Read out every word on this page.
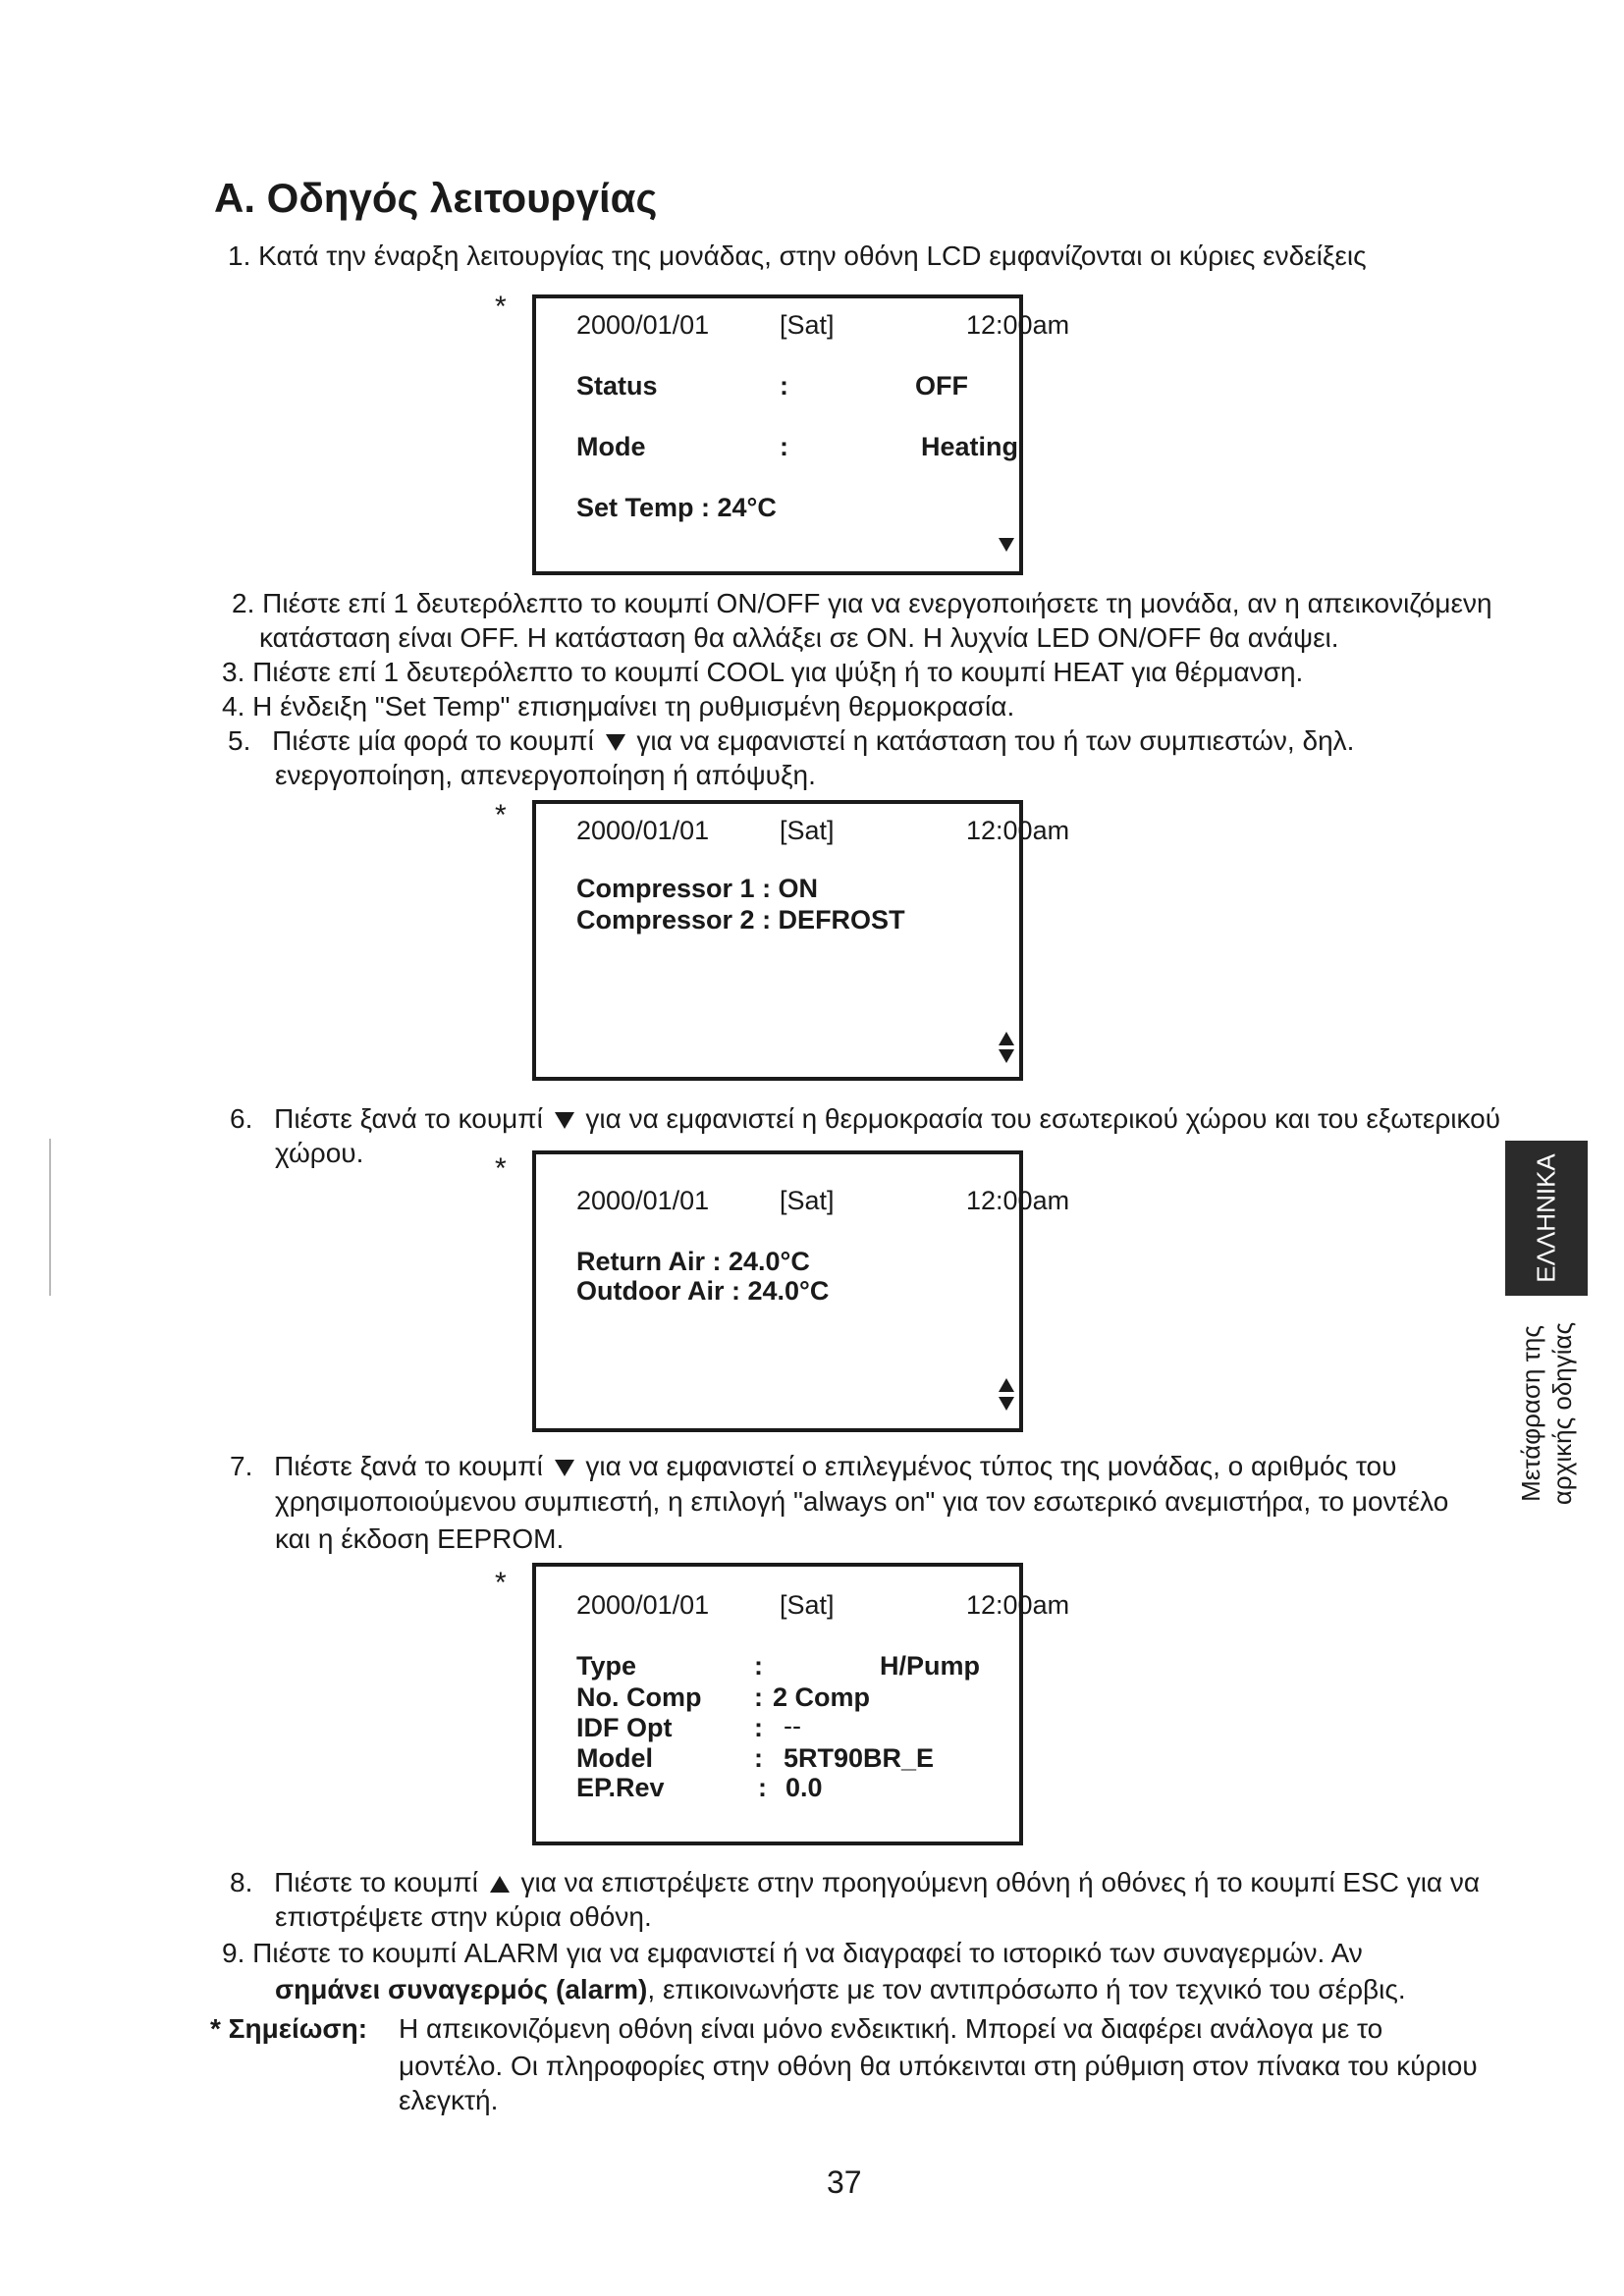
A. Οδηγός λειτουργίας
1. Κατά την έναρξη λειτουργίας της μονάδας, στην οθόνη LCD εμφανίζονται οι κύριες ενδείξεις
*
2000/01/01	[Sat]	12:00am
Status	:	OFF
Mode	:	Heating
Set Temp : 24°C
2. Πιέστε επί 1 δευτερόλεπτο το κουμπί ON/OFF για να ενεργοποιήσετε τη μονάδα, αν η απεικονιζόμενη
κατάσταση είναι OFF. Η κατάσταση θα αλλάξει σε ON. Η λυχνία LED ON/OFF θα ανάψει.
3. Πιέστε επί 1 δευτερόλεπτο το κουμπί COOL για ψύξη ή το κουμπί HEAT για θέρμανση.
4. Η ένδειξη "Set Temp" επισημαίνει τη ρυθμισμένη θερμοκρασία.
5. Πιέστε μία φορά το κουμπί για να εμφανιστεί η κατάσταση του ή των συμπιεστών, δηλ.
ενεργοποίηση, απενεργοποίηση ή απόψυξη.
*	2000/01/01	[Sat]	12:00am
Compressor 1 : ON
Compressor 2 : DEFROST
6. Πιέστε ξανά το κουμπί για να εμφανιστεί η θερμοκρασία του εσωτερικού χώρου και του εξωτερικού
χώρου.	*
2000/01/01	[Sat]	12:00am
Return Air : 24.0°C
Outdoor Air : 24.0°C
7. Πιέστε ξανά το κουμπί για να εμφανιστεί ο επιλεγμένος τύπος της μονάδας, ο αριθμός του
χρησιμοποιούμενου συμπιεστή, η επιλογή "always on" για τον εσωτερικό ανεμιστήρα, το μοντέλο
και η έκδοση EEPROM.
*
2000/01/01	[Sat]	12:00am
Type	:	H/Pump
No. Comp : 2 Comp
IDF Opt	: --
Model	: 5RT90BR_E
EP.Rev	: 0.0
8. Πιέστε το κουμπί για να επιστρέψετε στην προηγούμενη οθόνη ή οθόνες ή το κουμπί ESC για να
επιστρέψετε στην κύρια οθόνη.
9. Πιέστε το κουμπί ALARM για να εμφανιστεί ή να διαγραφεί το ιστορικό των συναγερμών. Αν
σημάνει συναγερμός (alarm), επικοινωνήστε με τον αντιπρόσωπο ή τον τεχνικό του σέρβις.
* Σημείωση: Η απεικονιζόμενη οθόνη είναι μόνο ενδεικτική. Μπορεί να διαφέρει ανάλογα με το
μοντέλο. Οι πληροφορίες στην οθόνη θα υπόκεινται στη ρύθμιση στον πίνακα του κύριου
ελεγκτή.
37
ΕΛΛΗΝΙΚΑ
Μετάφραση της αρχικής οδηγίας
